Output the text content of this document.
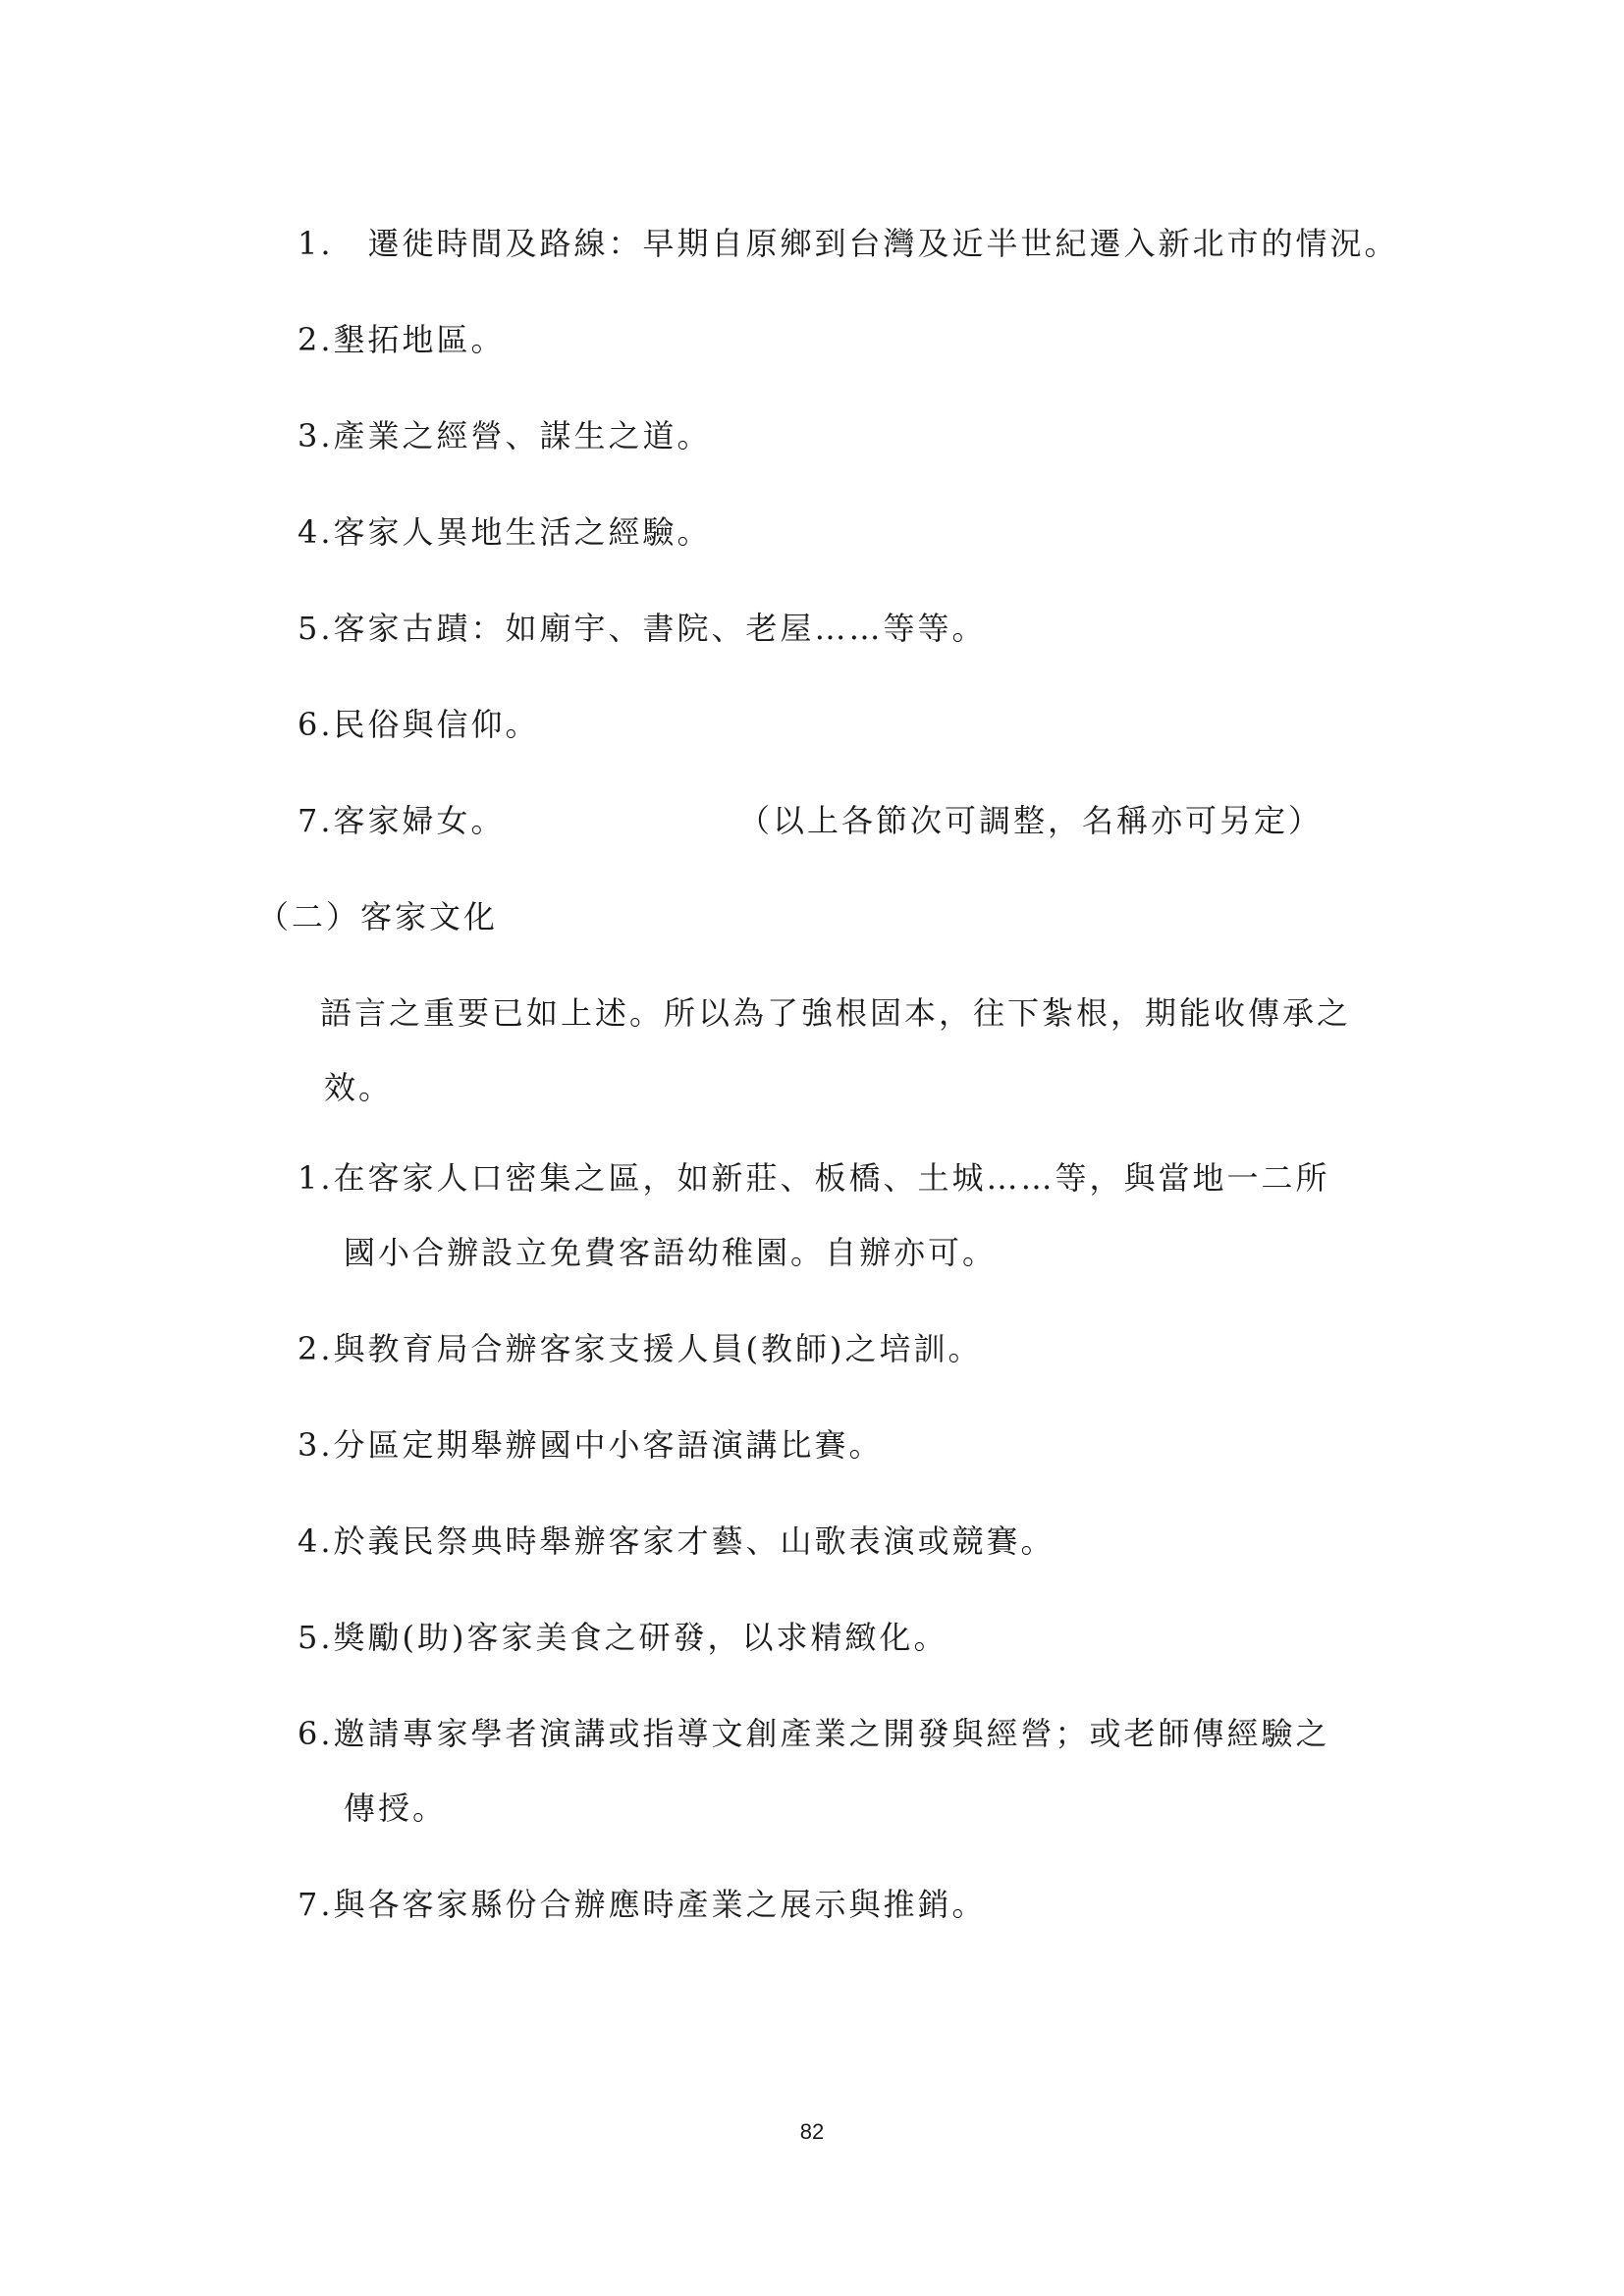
1.　遷徙時間及路線：早期自原鄉到台灣及近半世紀遷入新北市的情況。
2.墾拓地區。
3.產業之經營、謀生之道。
4.客家人異地生活之經驗。
5.客家古蹟：如廟宇、書院、老屋……等等。
6.民俗與信仰。
7.客家婦女。	（以上各節次可調整，名稱亦可另定）
（二）客家文化
語言之重要已如上述。所以為了強根固本，往下紮根，期能收傳承之
效。
1.在客家人口密集之區，如新莊、板橋、土城……等，與當地一二所
國小合辦設立免費客語幼稚園。自辦亦可。
2.與教育局合辦客家支援人員(教師)之培訓。
3.分區定期舉辦國中小客語演講比賽。
4.於義民祭典時舉辦客家才藝、山歌表演或競賽。
5.獎勵(助)客家美食之研發，以求精緻化。
6.邀請專家學者演講或指導文創產業之開發與經營；或老師傳經驗之
傳授。
7.與各客家縣份合辦應時產業之展示與推銷。
82
